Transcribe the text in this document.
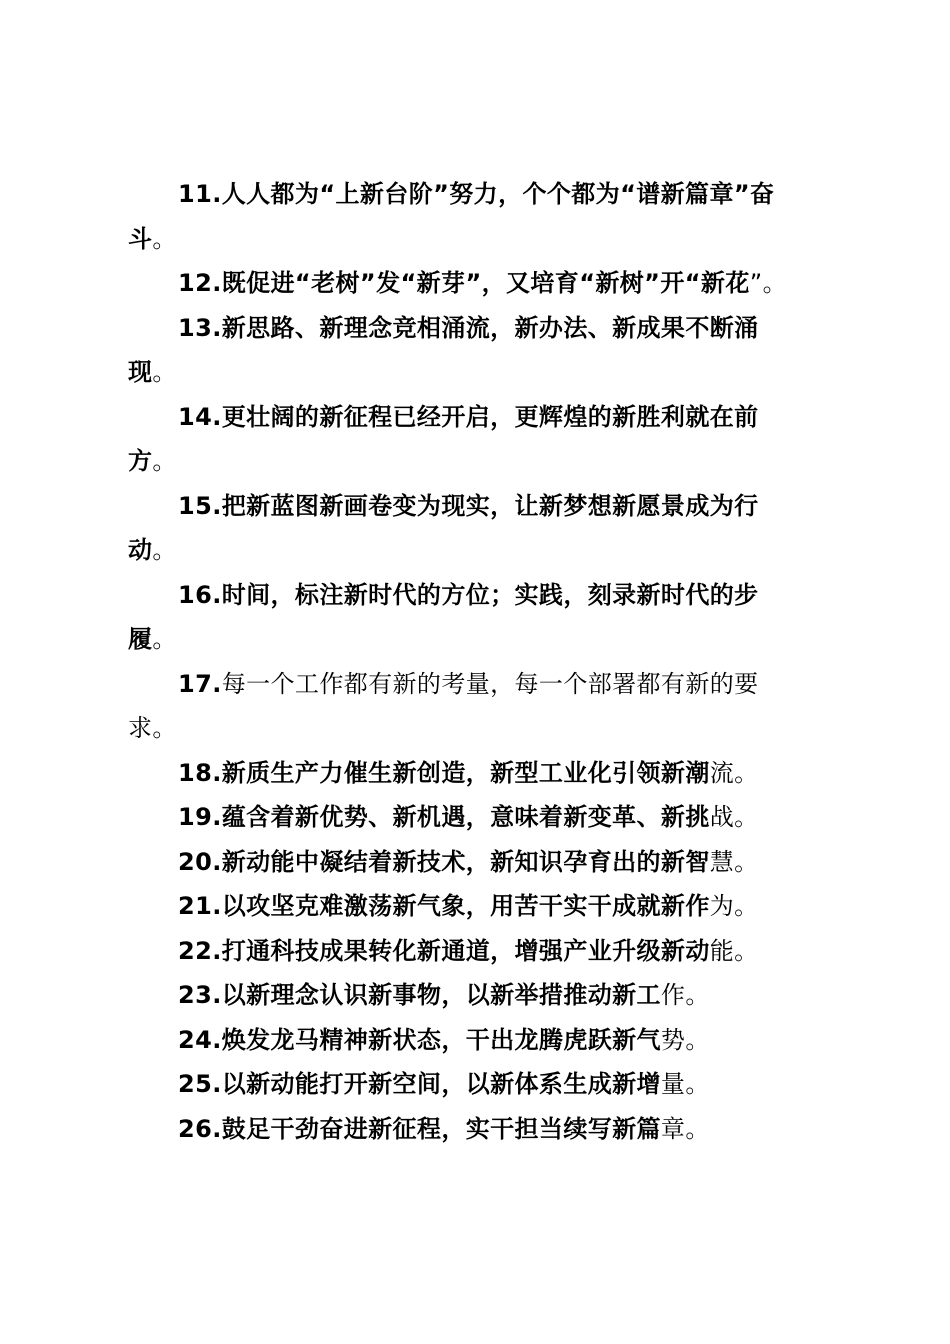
11.人人都为“上新台阶”努力，个个都为“谱新篇章”奋斗。

12.既促进“老树”发“新芽”，又培育“新树”开“新花”。

13.新思路、新理念竞相涌流，新办法、新成果不断涌现。

14.更壮阔的新征程已经开启，更辉煌的新胜利就在前方。

15.把新蓝图新画卷变为现实，让新梦想新愿景成为行动。

16.时间，标注新时代的方位；实践，刻录新时代的步履。

17.每一个工作都有新的考量，每一个部署都有新的要求。

18.新质生产力催生新创造，新型工业化引领新潮流。

19.蕴含着新优势、新机遇，意味着新变革、新挑战。

20.新动能中凝结着新技术，新知识孕育出的新智慧。

21.以攻坚克难激荡新气象，用苦干实干成就新作为。

22.打通科技成果转化新通道，增强产业升级新动能。

23.以新理念认识新事物，以新举措推动新工作。

24.焕发龙马精神新状态，干出龙腾虎跃新气势。

25.以新动能打开新空间，以新体系生成新增量。

26.鼓足干劲奋进新征程，实干担当续写新篇章。
